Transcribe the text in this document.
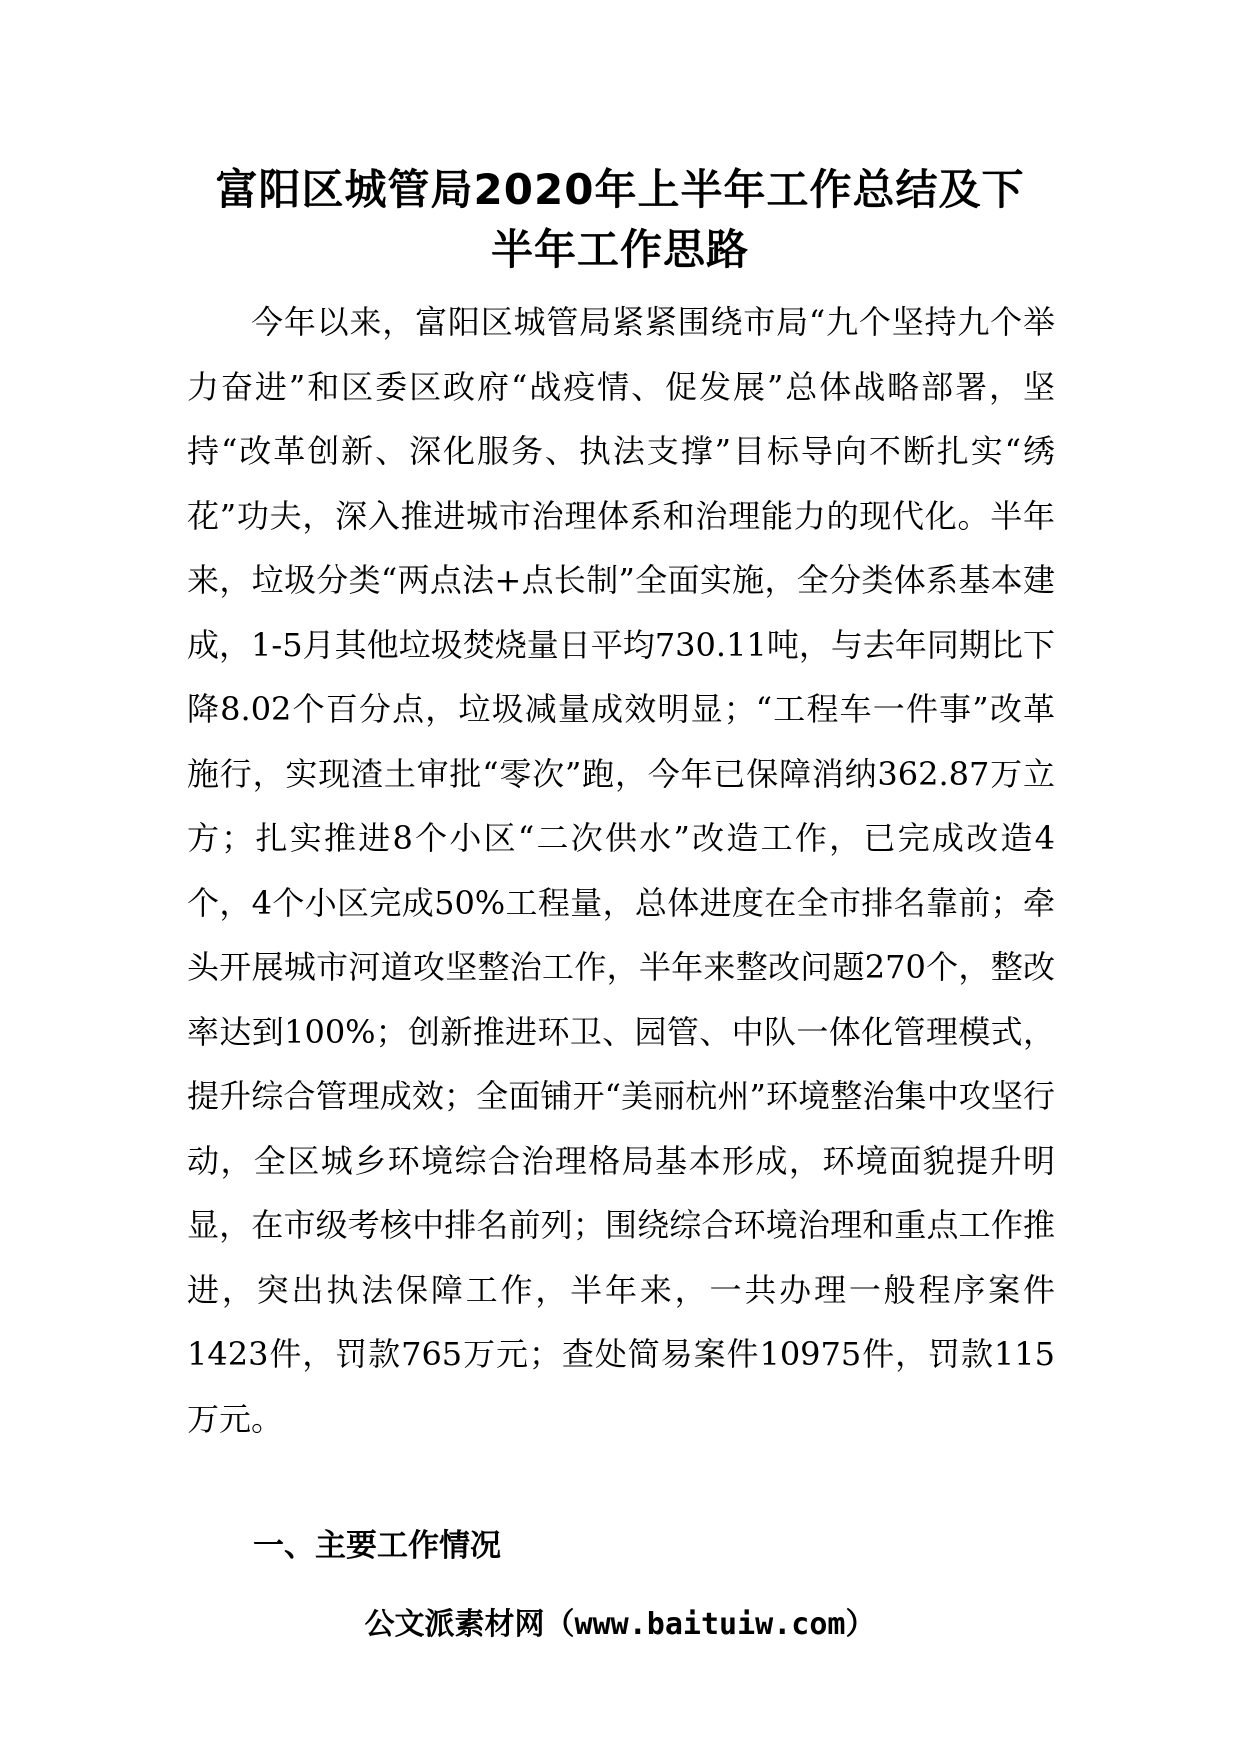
富阳区城管局2020年上半年工作总结及下
半年工作思路

今年以来，富阳区城管局紧紧围绕市局“九个坚持九个举力奋进”和区委区政府“战疫情、促发展”总体战略部署，坚持“改革创新、深化服务、执法支撑”目标导向不断扎实“绣花”功夫，深入推进城市治理体系和治理能力的现代化。半年来，垃圾分类“两点法+点长制”全面实施，全分类体系基本建成，1-5月其他垃圾焚烧量日平均730.11吨，与去年同期比下降8.02个百分点，垃圾减量成效明显；“工程车一件事”改革施行，实现渣土审批“零次”跑，今年已保障消纳362.87万立方；扎实推进8个小区“二次供水”改造工作，已完成改造4个，4个小区完成50%工程量，总体进度在全市排名靠前；牵头开展城市河道攻坚整治工作，半年来整改问题270个，整改率达到100%；创新推进环卫、园管、中队一体化管理模式，提升综合管理成效；全面铺开“美丽杭州”环境整治集中攻坚行动，全区城乡环境综合治理格局基本形成，环境面貌提升明显，在市级考核中排名前列；围绕综合环境治理和重点工作推进，突出执法保障工作，半年来，一共办理一般程序案件1423件，罚款765万元；查处简易案件10975件，罚款115万元。

一、主要工作情况

公文派素材网（www.baituiw.com）
